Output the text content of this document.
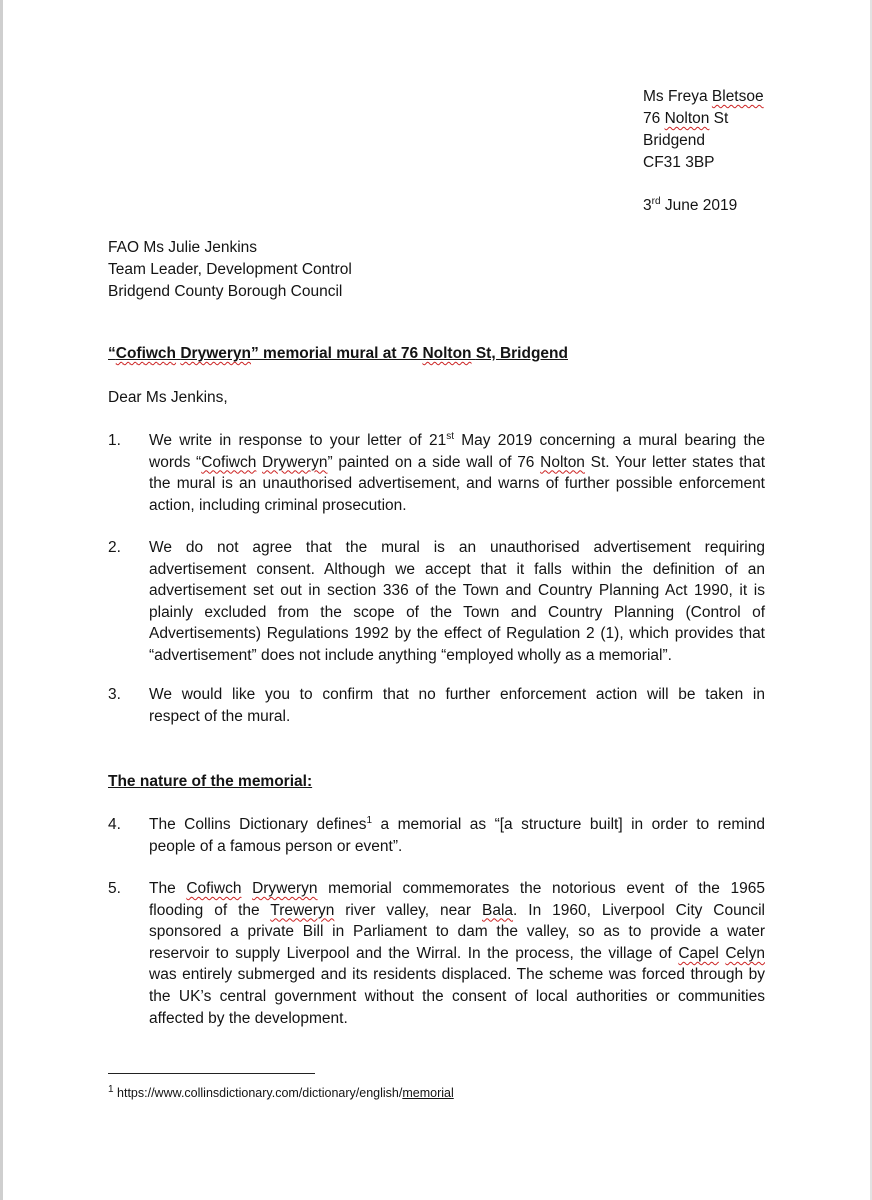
Ms Freya Bletsoe
76 Nolton St
Bridgend
CF31 3BP
3rd June 2019
FAO Ms Julie Jenkins
Team Leader, Development Control
Bridgend County Borough Council
“Cofiwch Dryweryn” memorial mural at 76 Nolton St, Bridgend
Dear Ms Jenkins,
1.	We write in response to your letter of 21st May 2019 concerning a mural bearing the
words “Cofiwch Dryweryn” painted on a side wall of 76 Nolton St. Your letter states that
the mural is an unauthorised advertisement, and warns of further possible enforcement
action, including criminal prosecution.
2.	We do not agree that the mural is an unauthorised advertisement requiring
advertisement consent. Although we accept that it falls within the definition of an
advertisement set out in section 336 of the Town and Country Planning Act 1990, it is
plainly excluded from the scope of the Town and Country Planning (Control of
Advertisements) Regulations 1992 by the effect of Regulation 2 (1), which provides that
“advertisement” does not include anything “employed wholly as a memorial”.
3.	We would like you to confirm that no further enforcement action will be taken in
respect of the mural.
The nature of the memorial:
4.	The Collins Dictionary defines$^1$ a memorial as “[a structure built] in order to remind
people of a famous person or event”.
5.	The Cofiwch Dryweryn memorial commemorates the notorious event of the 1965
flooding of the Treweryn river valley, near Bala. In 1960, Liverpool City Council
sponsored a private Bill in Parliament to dam the valley, so as to provide a water
reservoir to supply Liverpool and the Wirral. In the process, the village of Capel Celyn
was entirely submerged and its residents displaced. The scheme was forced through by
the UK’s central government without the consent of local authorities or communities
affected by the development.
$^1$ https://www.collinsdictionary.com/dictionary/english/memorial
